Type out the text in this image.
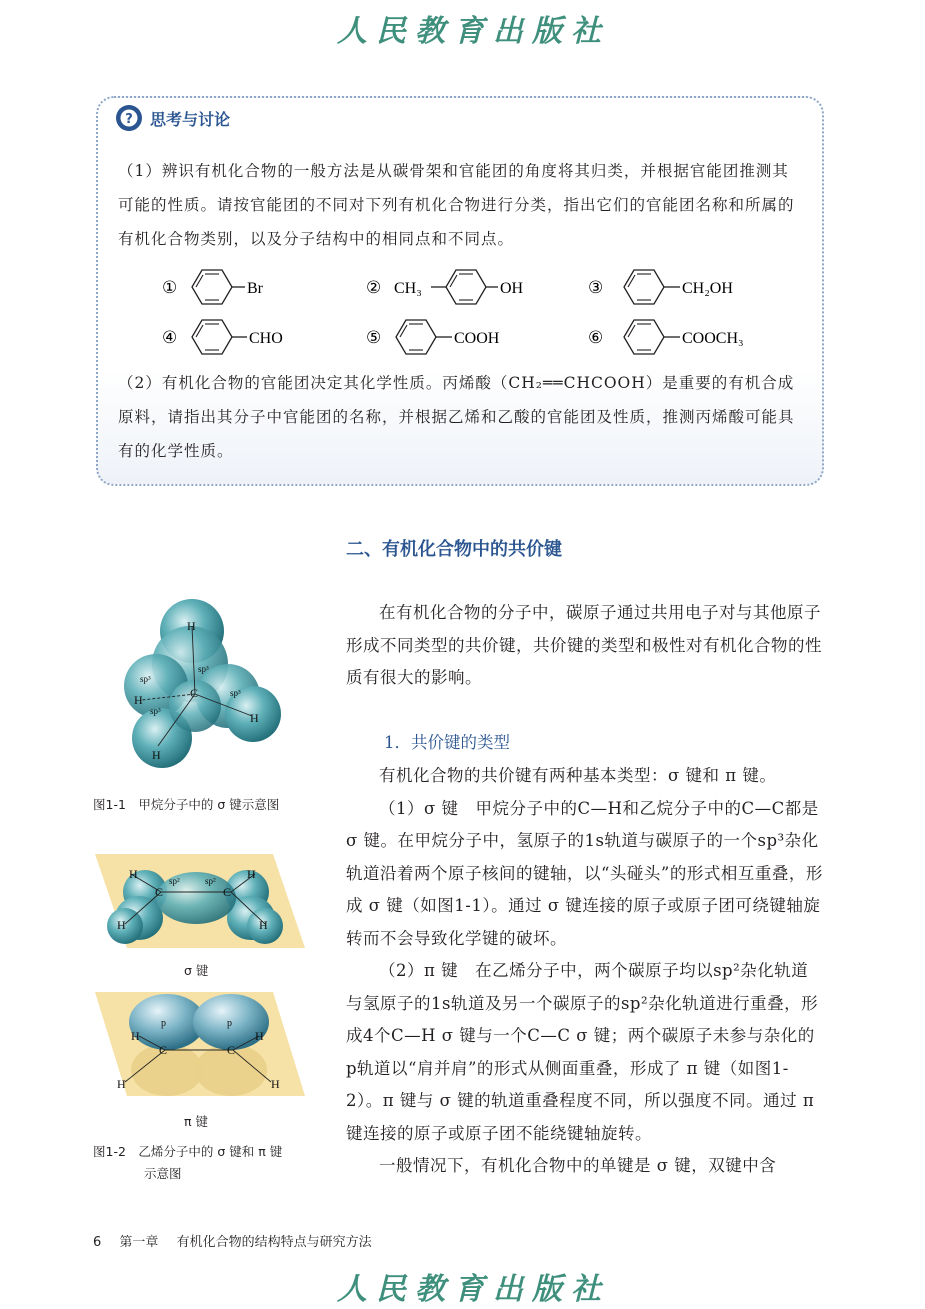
人民教育出版社
人民教育出版社
? 思考与讨论
（1）辨识有机化合物的一般方法是从碳骨架和官能团的角度将其归类，并根据官能团推测其可能的性质。请按官能团的不同对下列有机化合物进行分类，指出它们的官能团名称和所属的有机化合物类别，以及分子结构中的相同点和不同点。
①	Br	② CH₃	OH	③	CH₂OH
④	CHO	⑤	COOH	⑥	COOCH₃
（2）有机化合物的官能团决定其化学性质。丙烯酸（CH₂══CHCOOH）是重要的有机合成原料，请指出其分子中官能团的名称，并根据乙烯和乙酸的官能团及性质，推测丙烯酸可能具有的化学性质。
二、有机化合物中的共价键
在有机化合物的分子中，碳原子通过共用电子对与其他原子形成不同类型的共价键，共价键的类型和极性对有机化合物的性质有很大的影响。
1．共价键的类型
有机化合物的共价键有两种基本类型：σ 键和 π 键。
（1）σ 键　甲烷分子中的C—H和乙烷分子中的C—C都是 σ 键。在甲烷分子中，氢原子的1s轨道与碳原子的一个sp³杂化轨道沿着两个原子核间的键轴，以“头碰头”的形式相互重叠，形成 σ 键（如图1-1）。通过 σ 键连接的原子或原子团可绕键轴旋转而不会导致化学键的破坏。
（2）π 键　在乙烯分子中，两个碳原子均以sp²杂化轨道与氢原子的1s轨道及另一个碳原子的sp²杂化轨道进行重叠，形成4个C—H σ 键与一个C—C σ 键；两个碳原子未参与杂化的p轨道以“肩并肩”的形式从侧面重叠，形成了 π 键（如图1-2）。π 键与 σ 键的轨道重叠程度不同，所以强度不同。通过 π 键连接的原子或原子团不能绕键轴旋转。
一般情况下，有机化合物中的单键是 σ 键，双键中含
H
H
H
H
C
sp³
sp³
sp³
sp³
图1-1　甲烷分子中的 σ 键示意图
H
H
H
H
C	C
sp²	sp²
σ 键
H
H
H
H
C	C
p	p
π 键
图1-2　乙烯分子中的 σ 键和 π 键
示意图
6 第一章 有机化合物的结构特点与研究方法
